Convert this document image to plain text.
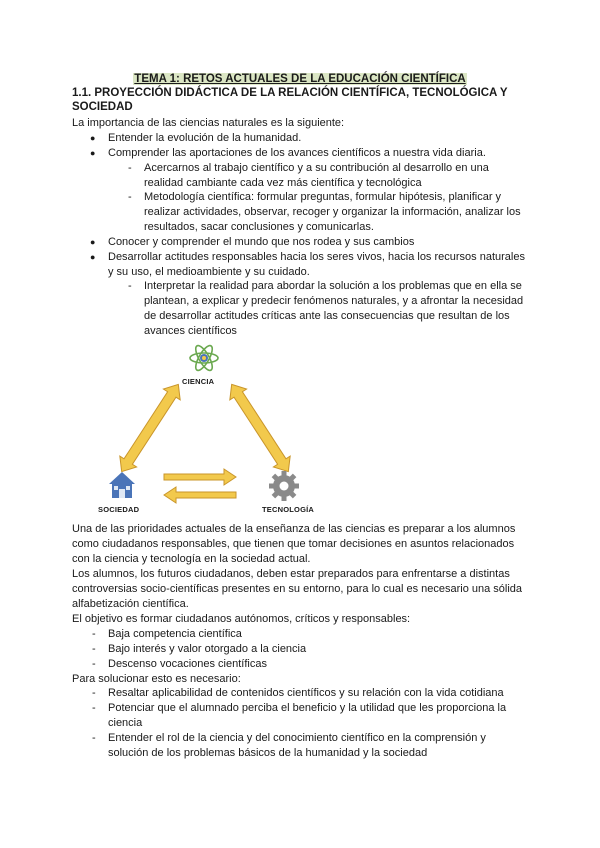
TEMA 1: RETOS ACTUALES DE LA EDUCACIÓN CIENTÍFICA
1.1. PROYECCIÓN DIDÁCTICA DE LA RELACIÓN CIENTÍFICA, TECNOLÓGICA Y SOCIEDAD
La importancia de las ciencias naturales es la siguiente:
● Entender la evolución de la humanidad.
● Comprender las aportaciones de los avances científicos a nuestra vida diaria.
- Acercarnos al trabajo científico y a su contribución al desarrollo en una realidad cambiante cada vez más científica y tecnológica
- Metodología científica: formular preguntas, formular hipótesis, planificar y realizar actividades, observar, recoger y organizar la información, analizar los resultados, sacar conclusiones y comunicarlas.
● Conocer y comprender el mundo que nos rodea y sus cambios
● Desarrollar actitudes responsables hacia los seres vivos, hacia los recursos naturales y su uso, el medioambiente y su cuidado.
- Interpretar la realidad para abordar la solución a los problemas que en ella se plantean, a explicar y predecir fenómenos naturales, y a afrontar la necesidad de desarrollar actitudes críticas ante las consecuencias que resultan de los avances científicos
CIENCIA
SOCIEDAD	TECNOLOGÍA
Una de las prioridades actuales de la enseñanza de las ciencias es preparar a los alumnos como ciudadanos responsables, que tienen que tomar decisiones en asuntos relacionados con la ciencia y tecnología en la sociedad actual.
Los alumnos, los futuros ciudadanos, deben estar preparados para enfrentarse a distintas controversias socio-científicas presentes en su entorno, para lo cual es necesario una sólida alfabetización científica.
El objetivo es formar ciudadanos autónomos, críticos y responsables:
- Baja competencia científica
- Bajo interés y valor otorgado a la ciencia
- Descenso vocaciones científicas
Para solucionar esto es necesario:
- Resaltar aplicabilidad de contenidos científicos y su relación con la vida cotidiana
- Potenciar que el alumnado perciba el beneficio y la utilidad que les proporciona la ciencia
- Entender el rol de la ciencia y del conocimiento científico en la comprensión y solución de los problemas básicos de la humanidad y la sociedad
